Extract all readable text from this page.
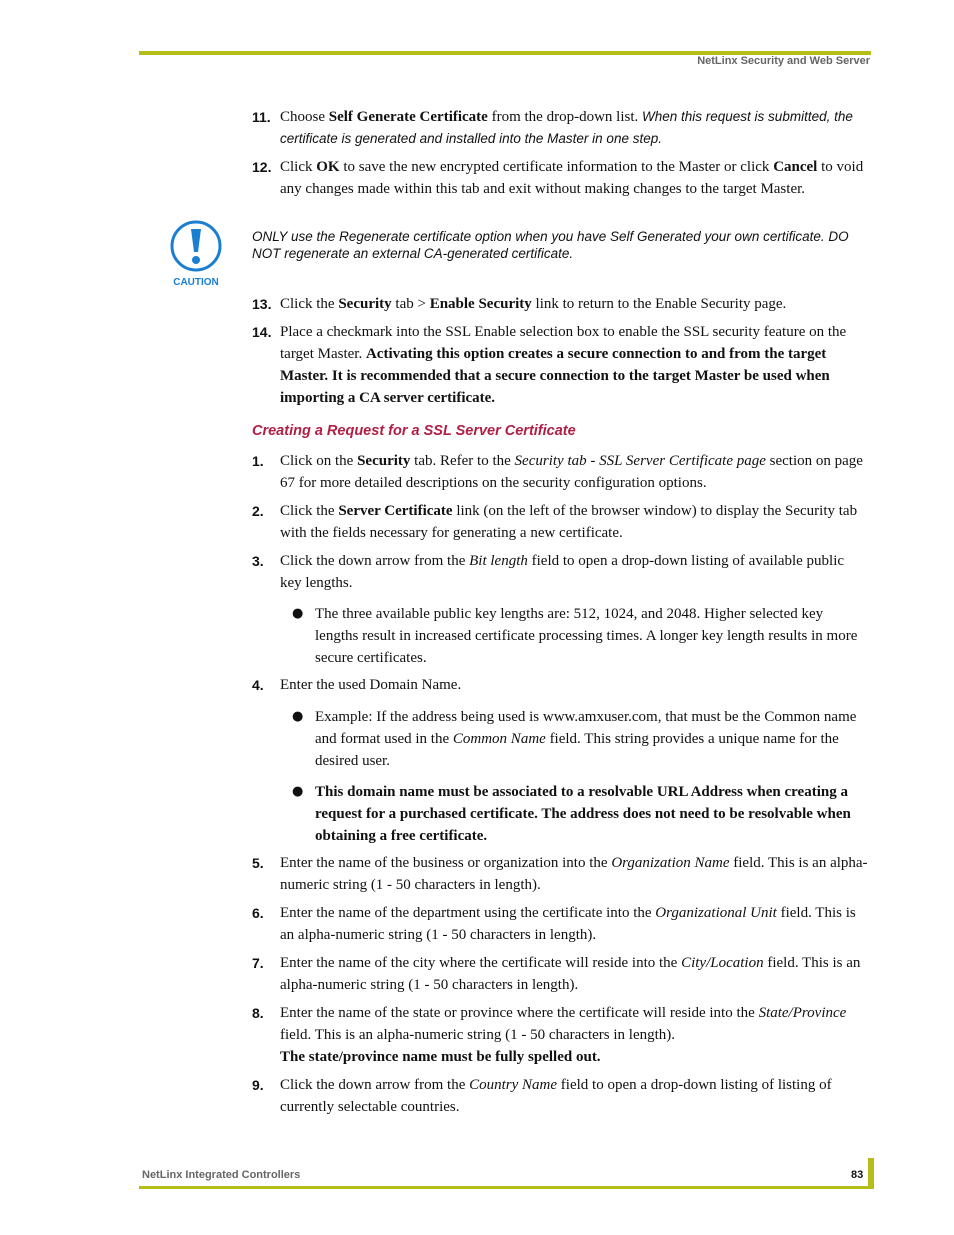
NetLinx Security and Web Server
11. Choose Self Generate Certificate from the drop-down list. When this request is submitted, the certificate is generated and installed into the Master in one step.
12. Click OK to save the new encrypted certificate information to the Master or click Cancel to void any changes made within this tab and exit without making changes to the target Master.
CAUTION
ONLY use the Regenerate certificate option when you have Self Generated your own certificate. DO NOT regenerate an external CA-generated certificate.
13. Click the Security tab > Enable Security link to return to the Enable Security page.
14. Place a checkmark into the SSL Enable selection box to enable the SSL security feature on the target Master. Activating this option creates a secure connection to and from the target Master. It is recommended that a secure connection to the target Master be used when importing a CA server certificate.
Creating a Request for a SSL Server Certificate
1. Click on the Security tab. Refer to the Security tab - SSL Server Certificate page section on page 67 for more detailed descriptions on the security configuration options.
2. Click the Server Certificate link (on the left of the browser window) to display the Security tab with the fields necessary for generating a new certificate.
3. Click the down arrow from the Bit length field to open a drop-down listing of available public key lengths.
● The three available public key lengths are: 512, 1024, and 2048. Higher selected key lengths result in increased certificate processing times. A longer key length results in more secure certificates.
4. Enter the used Domain Name.
● Example: If the address being used is www.amxuser.com, that must be the Common name and format used in the Common Name field. This string provides a unique name for the desired user.
● This domain name must be associated to a resolvable URL Address when creating a request for a purchased certificate. The address does not need to be resolvable when obtaining a free certificate.
5. Enter the name of the business or organization into the Organization Name field. This is an alpha-numeric string (1 - 50 characters in length).
6. Enter the name of the department using the certificate into the Organizational Unit field. This is an alpha-numeric string (1 - 50 characters in length).
7. Enter the name of the city where the certificate will reside into the City/Location field. This is an alpha-numeric string (1 - 50 characters in length).
8. Enter the name of the state or province where the certificate will reside into the State/Province field. This is an alpha-numeric string (1 - 50 characters in length).
The state/province name must be fully spelled out.
9. Click the down arrow from the Country Name field to open a drop-down listing of listing of currently selectable countries.
NetLinx Integrated Controllers	83
